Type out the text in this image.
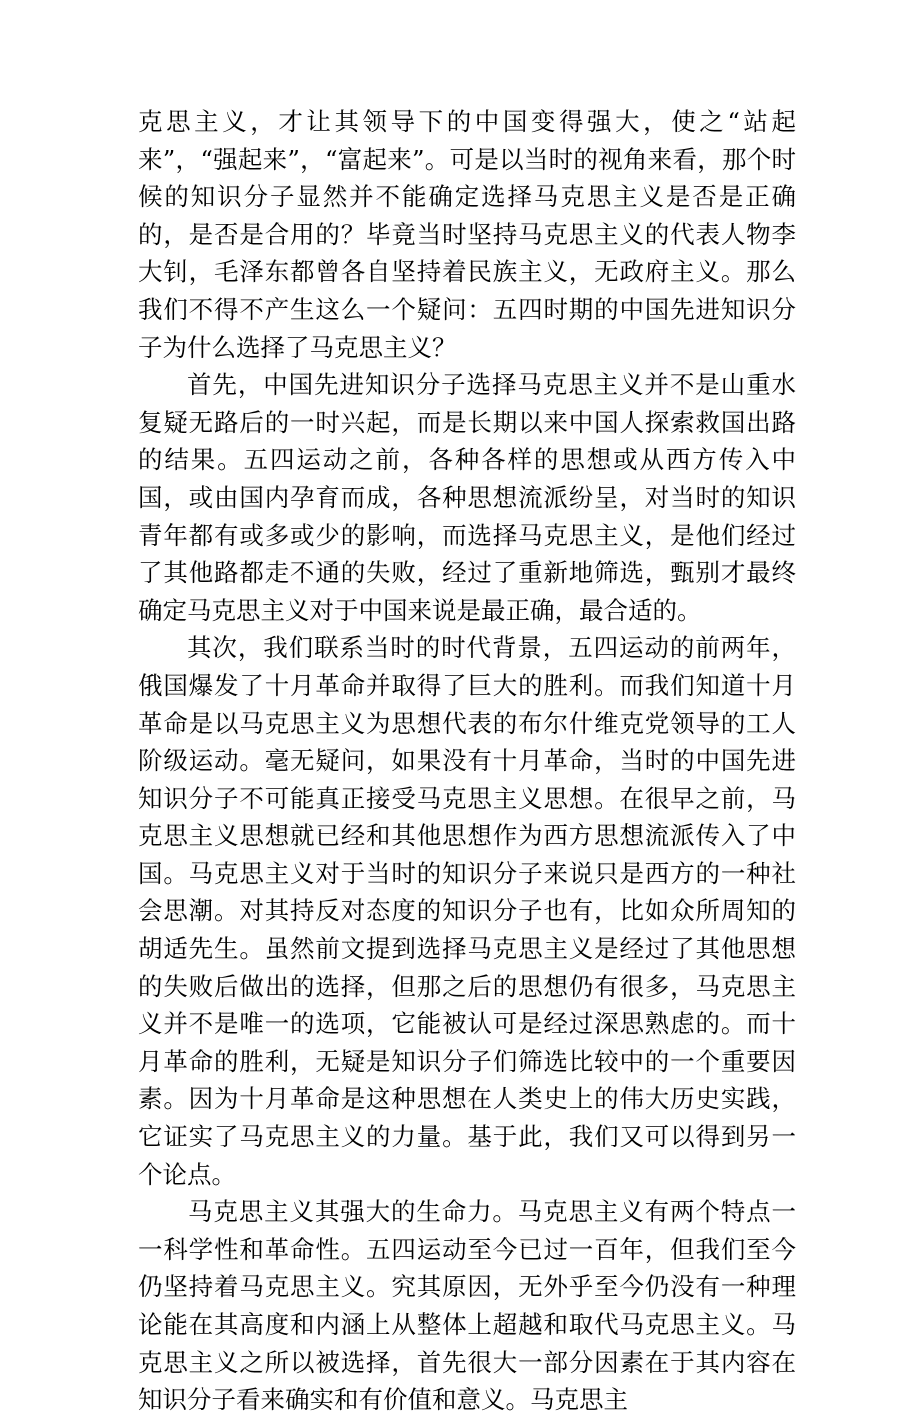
克思主义，才让其领导下的中国变得强大，使之“站起来”，“强起来”，“富起来”。可是以当时的视角来看，那个时候的知识分子显然并不能确定选择马克思主义是否是正确的，是否是合用的？毕竟当时坚持马克思主义的代表人物李大钊，毛泽东都曾各自坚持着民族主义，无政府主义。那么我们不得不产生这么一个疑问：五四时期的中国先进知识分子为什么选择了马克思主义？

首先，中国先进知识分子选择马克思主义并不是山重水复疑无路后的一时兴起，而是长期以来中国人探索救国出路的结果。五四运动之前，各种各样的思想或从西方传入中国，或由国内孕育而成，各种思想流派纷呈，对当时的知识青年都有或多或少的影响，而选择马克思主义，是他们经过了其他路都走不通的失败，经过了重新地筛选，甄别才最终确定马克思主义对于中国来说是最正确，最合适的。

其次，我们联系当时的时代背景，五四运动的前两年，俄国爆发了十月革命并取得了巨大的胜利。而我们知道十月革命是以马克思主义为思想代表的布尔什维克党领导的工人阶级运动。毫无疑问，如果没有十月革命，当时的中国先进知识分子不可能真正接受马克思主义思想。在很早之前，马克思主义思想就已经和其他思想作为西方思想流派传入了中国。马克思主义对于当时的知识分子来说只是西方的一种社会思潮。对其持反对态度的知识分子也有，比如众所周知的胡适先生。虽然前文提到选择马克思主义是经过了其他思想的失败后做出的选择，但那之后的思想仍有很多，马克思主义并不是唯一的选项，它能被认可是经过深思熟虑的。而十月革命的胜利，无疑是知识分子们筛选比较中的一个重要因素。因为十月革命是这种思想在人类史上的伟大历史实践，它证实了马克思主义的力量。基于此，我们又可以得到另一个论点。

马克思主义其强大的生命力。马克思主义有两个特点一一科学性和革命性。五四运动至今已过一百年，但我们至今仍坚持着马克思主义。究其原因，无外乎至今仍没有一种理论能在其高度和内涵上从整体上超越和取代马克思主义。马克思主义之所以被选择，首先很大一部分因素在于其内容在知识分子看来确实和有价值和意义。马克思主
